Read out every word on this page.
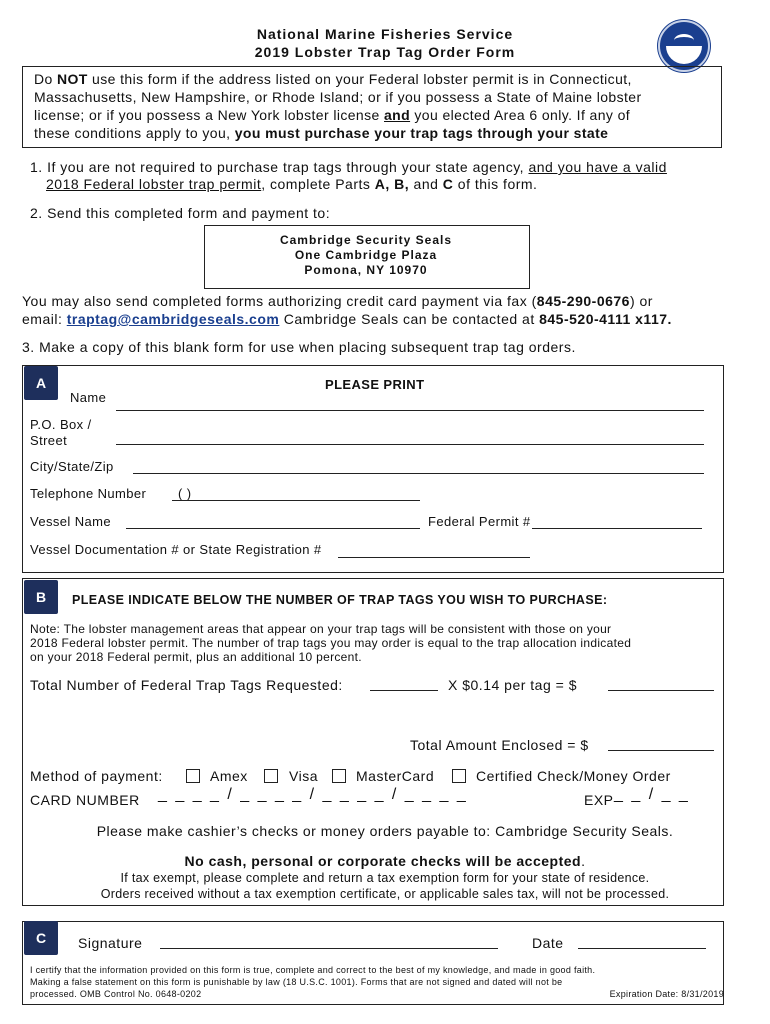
National Marine Fisheries Service
2019 Lobster Trap Tag Order Form
Do NOT use this form if the address listed on your Federal lobster permit is in Connecticut,
Massachusetts, New Hampshire, or Rhode Island; or if you possess a State of Maine lobster
license; or if you possess a New York lobster license and you elected Area 6 only. If any of
these conditions apply to you, you must purchase your trap tags through your state
1. If you are not required to purchase trap tags through your state agency, and you have a valid
2018 Federal lobster trap permit, complete Parts A, B, and C of this form.
2. Send this completed form and payment to:
Cambridge Security Seals
One Cambridge Plaza
Pomona, NY 10970
You may also send completed forms authorizing credit card payment via fax (845-290-0676) or
email: traptag@cambridgeseals.com Cambridge Seals can be contacted at 845-520-4111 x117.
3. Make a copy of this blank form for use when placing subsequent trap tag orders.
A	PLEASE PRINT
Name
P.O. Box /
Street
City/State/Zip
Telephone Number ( )
Vessel Name	Federal Permit #
Vessel Documentation # or State Registration #
B	PLEASE INDICATE BELOW THE NUMBER OF TRAP TAGS YOU WISH TO PURCHASE:
Note: The lobster management areas that appear on your trap tags will be consistent with those on your
2018 Federal lobster permit. The number of trap tags you may order is equal to the trap allocation indicated
on your 2018 Federal permit, plus an additional 10 percent.
Total Number of Federal Trap Tags Requested:	X $0.14 per tag = $
Total Amount Enclosed = $
Method of payment:	Amex	Visa	MasterCard	Certified Check/Money Order
CARD NUMBER _ _ _ _ / _ _ _ _ / _ _ _ _ / _ _ _ _	EXP _ _ / _ _
Please make cashier’s checks or money orders payable to: Cambridge Security Seals.
No cash, personal or corporate checks will be accepted.
If tax exempt, please complete and return a tax exemption form for your state of residence.
Orders received without a tax exemption certificate, or applicable sales tax, will not be processed.
C	Signature	Date
I certify that the information provided on this form is true, complete and correct to the best of my knowledge, and made in good faith.
Making a false statement on this form is punishable by law (18 U.S.C. 1001). Forms that are not signed and dated will not be
processed. OMB Control No. 0648-0202	Expiration Date: 8/31/2019
